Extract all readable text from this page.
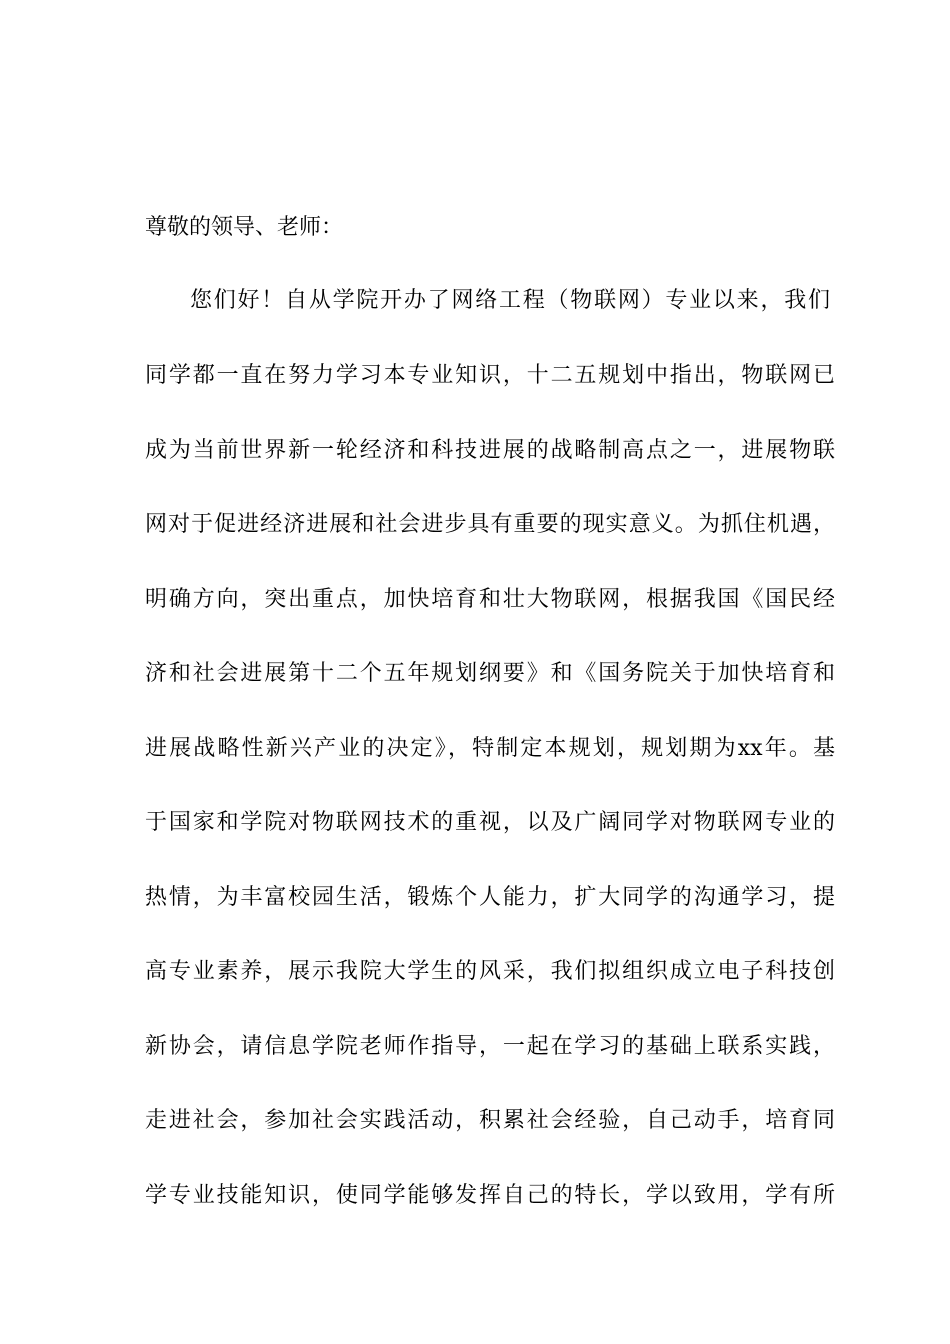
尊敬的领导、老师：
您们好！自从学院开办了网络工程（物联网）专业以来，我们
同学都一直在努力学习本专业知识，十二五规划中指出，物联网已
成为当前世界新一轮经济和科技进展的战略制高点之一，进展物联
网对于促进经济进展和社会进步具有重要的现实意义。为抓住机遇，
明确方向，突出重点，加快培育和壮大物联网，根据我国《国民经
济和社会进展第十二个五年规划纲要》和《国务院关于加快培育和
进展战略性新兴产业的决定》，特制定本规划，规划期为xx年。基
于国家和学院对物联网技术的重视，以及广阔同学对物联网专业的
热情，为丰富校园生活，锻炼个人能力，扩大同学的沟通学习，提
高专业素养，展示我院大学生的风采，我们拟组织成立电子科技创
新协会，请信息学院老师作指导，一起在学习的基础上联系实践，
走进社会，参加社会实践活动，积累社会经验，自己动手，培育同
学专业技能知识，使同学能够发挥自己的特长，学以致用，学有所
